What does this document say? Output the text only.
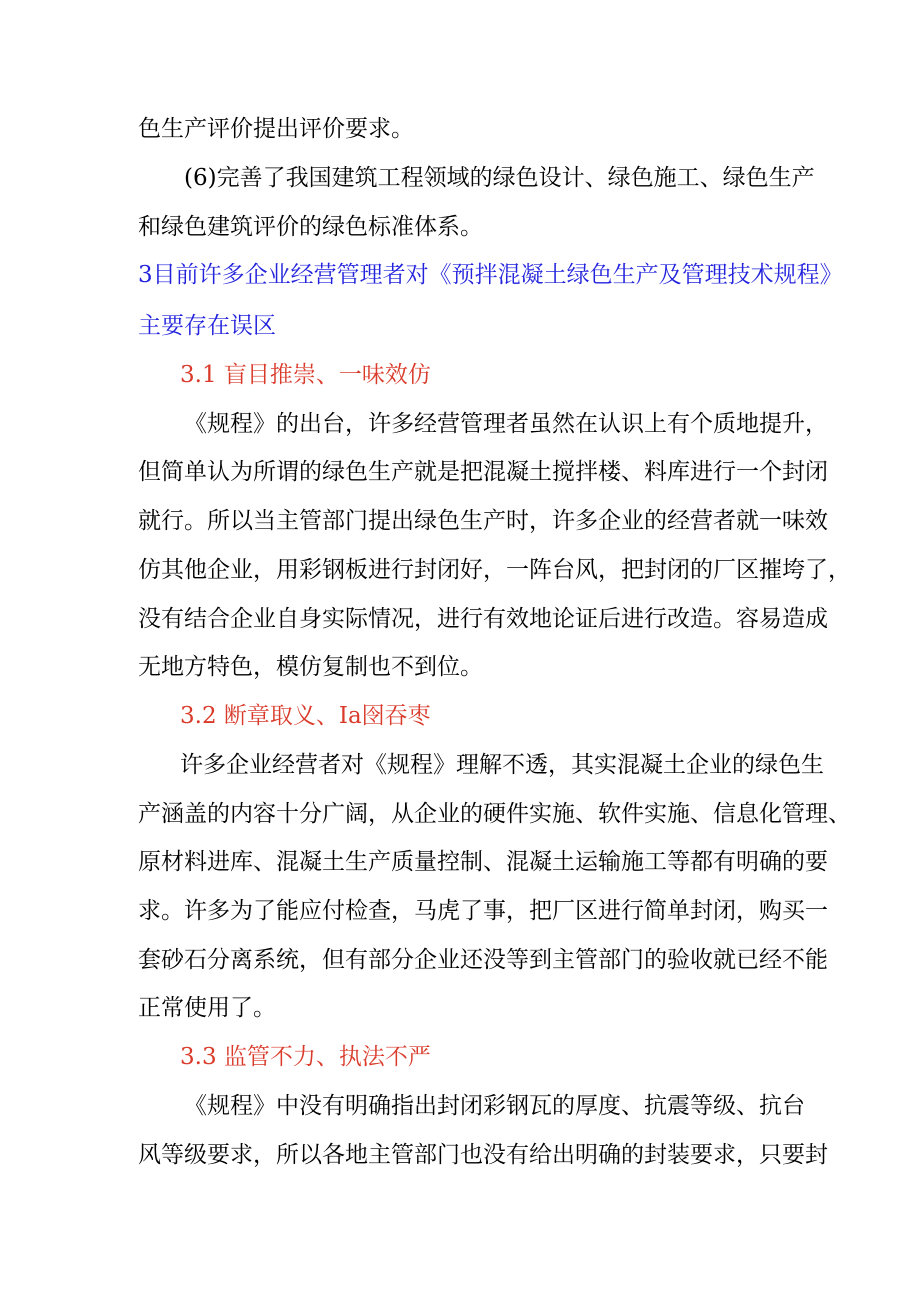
色生产评价提出评价要求。

(6)完善了我国建筑工程领域的绿色设计、绿色施工、绿色生产

和绿色建筑评价的绿色标准体系。

3目前许多企业经营管理者对《预拌混凝土绿色生产及管理技术规程》

主要存在误区

3.1 盲目推崇、一味效仿

《规程》的出台，许多经营管理者虽然在认识上有个质地提升，

但简单认为所谓的绿色生产就是把混凝土搅拌楼、料库进行一个封闭

就行。所以当主管部门提出绿色生产时，许多企业的经营者就一味效

仿其他企业，用彩钢板进行封闭好，一阵台风，把封闭的厂区摧垮了，

没有结合企业自身实际情况，进行有效地论证后进行改造。容易造成

无地方特色，模仿复制也不到位。

3.2 断章取义、Ia囹吞枣

许多企业经营者对《规程》理解不透，其实混凝土企业的绿色生

产涵盖的内容十分广阔，从企业的硬件实施、软件实施、信息化管理、

原材料进库、混凝土生产质量控制、混凝土运输施工等都有明确的要

求。许多为了能应付检查，马虎了事，把厂区进行简单封闭，购买一

套砂石分离系统，但有部分企业还没等到主管部门的验收就已经不能

正常使用了。

3.3 监管不力、执法不严

《规程》中没有明确指出封闭彩钢瓦的厚度、抗震等级、抗台

风等级要求，所以各地主管部门也没有给出明确的封装要求，只要封
